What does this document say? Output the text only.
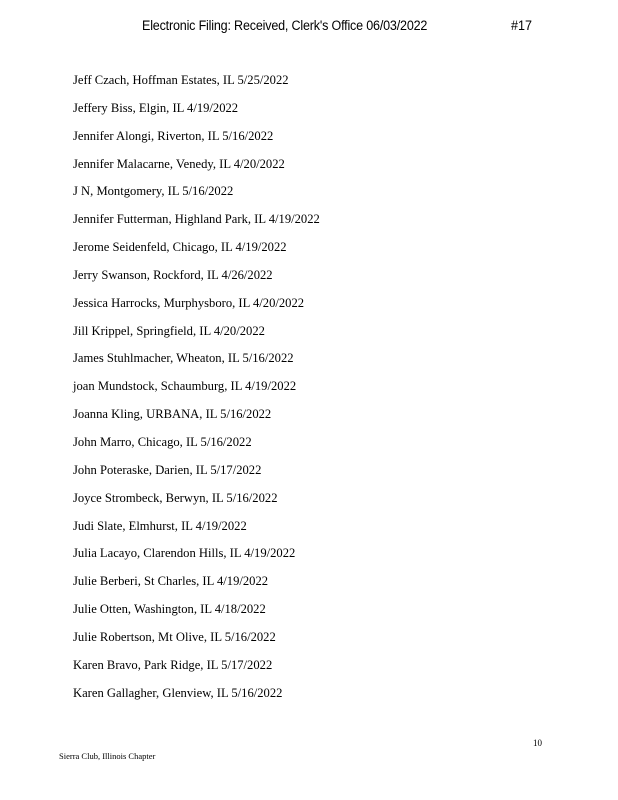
Electronic Filing: Received, Clerk's Office 06/03/2022	#17
Jeff Czach, Hoffman Estates, IL 5/25/2022
Jeffery Biss, Elgin, IL 4/19/2022
Jennifer Alongi, Riverton, IL 5/16/2022
Jennifer Malacarne, Venedy, IL 4/20/2022
J N, Montgomery, IL 5/16/2022
Jennifer Futterman, Highland Park, IL 4/19/2022
Jerome Seidenfeld, Chicago, IL 4/19/2022
Jerry Swanson, Rockford, IL 4/26/2022
Jessica Harrocks, Murphysboro, IL 4/20/2022
Jill Krippel, Springfield, IL 4/20/2022
James Stuhlmacher, Wheaton, IL 5/16/2022
joan Mundstock, Schaumburg, IL 4/19/2022
Joanna Kling, URBANA, IL 5/16/2022
John Marro, Chicago, IL 5/16/2022
John Poteraske, Darien, IL 5/17/2022
Joyce Strombeck, Berwyn, IL 5/16/2022
Judi Slate, Elmhurst, IL 4/19/2022
Julia Lacayo, Clarendon Hills, IL 4/19/2022
Julie Berberi, St Charles, IL 4/19/2022
Julie Otten, Washington, IL 4/18/2022
Julie Robertson, Mt Olive, IL 5/16/2022
Karen Bravo, Park Ridge, IL 5/17/2022
Karen Gallagher, Glenview, IL 5/16/2022
10
Sierra Club, Illinois Chapter
